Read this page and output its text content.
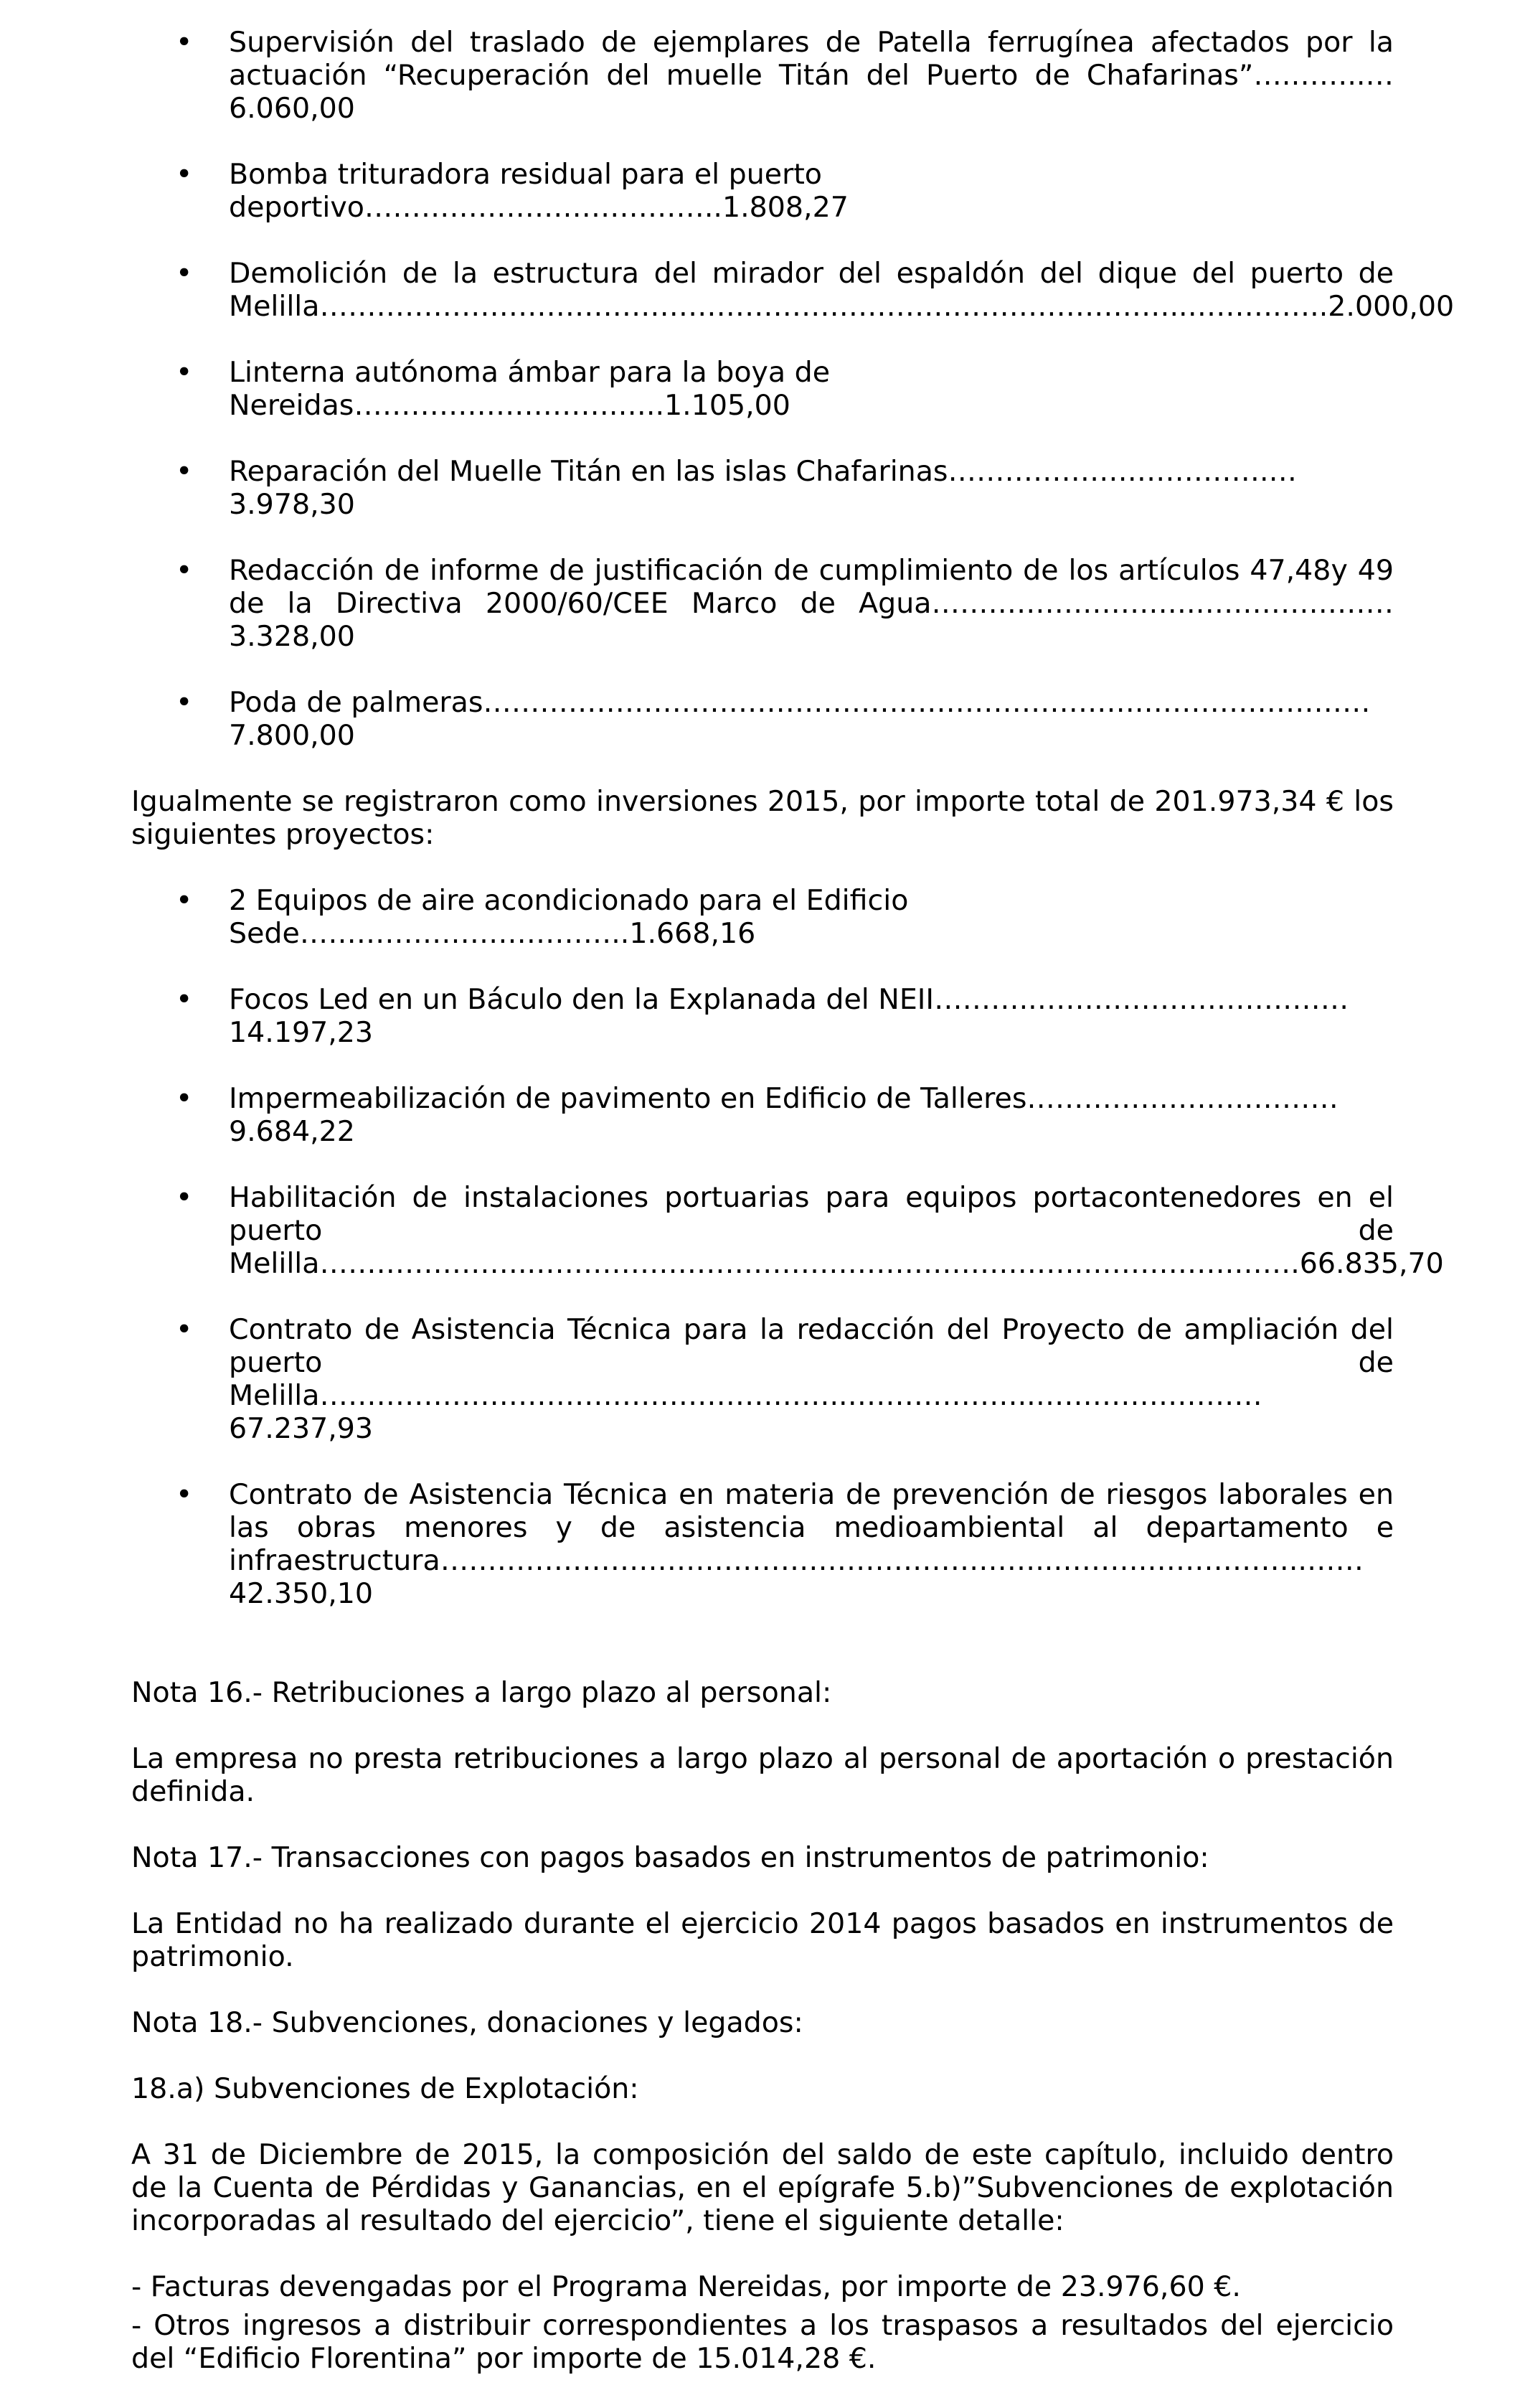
• Supervisión del traslado de ejemplares de Patella ferrugínea afectados por la actuación “Recuperación del muelle Titán del Puerto de Chafarinas”….……..…6.060,00
• Bomba trituradora residual para el puerto deportivo………………………………..1.808,27
• Demolición de la estructura del mirador del espaldón del dique del puerto de Melilla………………………………………………………………………………..……….…..2.000,00
• Linterna autónoma ámbar para la boya de Nereidas……………………….…..1.105,00
• Reparación del Muelle Titán en las islas Chafarinas…………………………….…3.978,30
• Redacción de informe de justificación de cumplimiento de los artículos 47,48y 49 de la Directiva 2000/60/CEE Marco de Agua……………………….…………………3.328,00
• Poda de palmeras…………………………………………………………….……………………7.800,00

Igualmente se registraron como inversiones 2015, por importe total de 201.973,34 € los siguientes proyectos:

• 2 Equipos de aire acondicionado para el Edificio Sede……………………………..1.668,16
• Focos Led en un Báculo den la Explanada del NEII………..……………………………14.197,23
• Impermeabilización de pavimento en Edificio de Talleres……………………………9.684,22
• Habilitación de instalaciones portuarias para equipos portacontenedores en el puerto de Melilla…………………..………………………………………………….…………….…….66.835,70
• Contrato de Asistencia Técnica para la redacción del Proyecto de ampliación del puerto de Melilla………………………………………………..………………..……………………67.237,93
• Contrato de Asistencia Técnica en materia de prevención de riesgos laborales en las obras menores y de asistencia medioambiental al departamento e infraestructura………………………………………………………..……….……………..……42.350,10

Nota 16.- Retribuciones a largo plazo al personal:

La empresa no presta retribuciones a largo plazo al personal de aportación o prestación definida.

Nota 17.- Transacciones con pagos basados en instrumentos de patrimonio:

La Entidad no ha realizado durante el ejercicio 2014 pagos basados en instrumentos de patrimonio.

Nota 18.- Subvenciones, donaciones y legados:

18.a) Subvenciones de Explotación:

A 31 de Diciembre de 2015, la composición del saldo de este capítulo, incluido dentro de la Cuenta de Pérdidas y Ganancias, en el epígrafe 5.b)”Subvenciones de explotación incorporadas al resultado del ejercicio”, tiene el siguiente detalle:

- Facturas devengadas por el Programa Nereidas, por importe de 23.976,60 €.

- Otros ingresos a distribuir correspondientes a los traspasos a resultados del ejercicio del “Edificio Florentina” por importe de 15.014,28 €.
